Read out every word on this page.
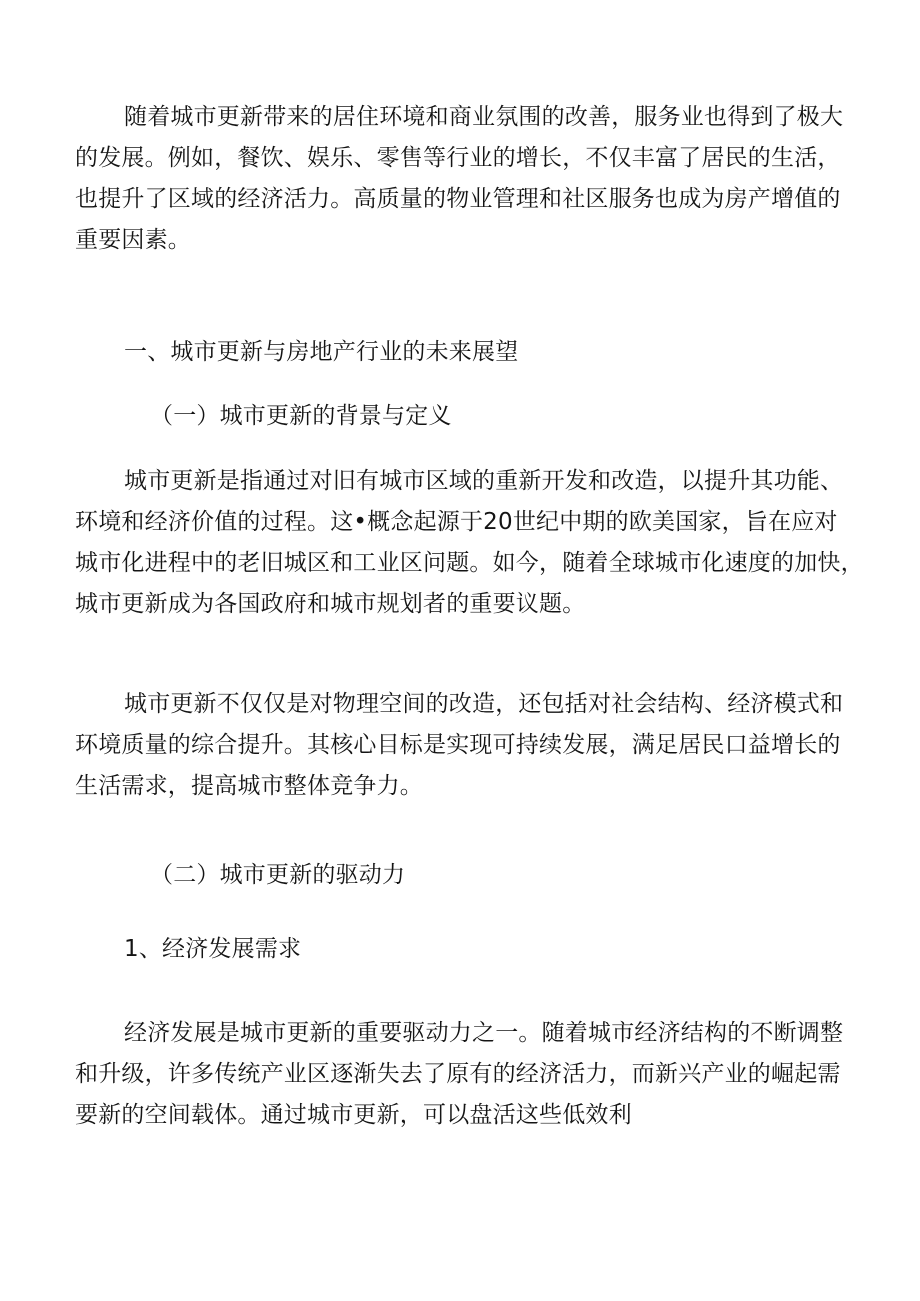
随着城市更新带来的居住环境和商业氛围的改善，服务业也得到了极大
的发展。例如，餐饮、娱乐、零售等行业的增长，不仅丰富了居民的生活，
也提升了区域的经济活力。高质量的物业管理和社区服务也成为房产增值的
重要因素。
一、城市更新与房地产行业的未来展望
（一）城市更新的背景与定义
城市更新是指通过对旧有城市区域的重新开发和改造，以提升其功能、
环境和经济价值的过程。这•概念起源于20世纪中期的欧美国家，旨在应对
城市化进程中的老旧城区和工业区问题。如今，随着全球城市化速度的加快，
城市更新成为各国政府和城市规划者的重要议题。
城市更新不仅仅是对物理空间的改造，还包括对社会结构、经济模式和
环境质量的综合提升。其核心目标是实现可持续发展，满足居民口益增长的
生活需求，提高城市整体竞争力。
（二）城市更新的驱动力
1、经济发展需求
经济发展是城市更新的重要驱动力之一。随着城市经济结构的不断调整
和升级，许多传统产业区逐渐失去了原有的经济活力，而新兴产业的崛起需
要新的空间载体。通过城市更新，可以盘活这些低效利
